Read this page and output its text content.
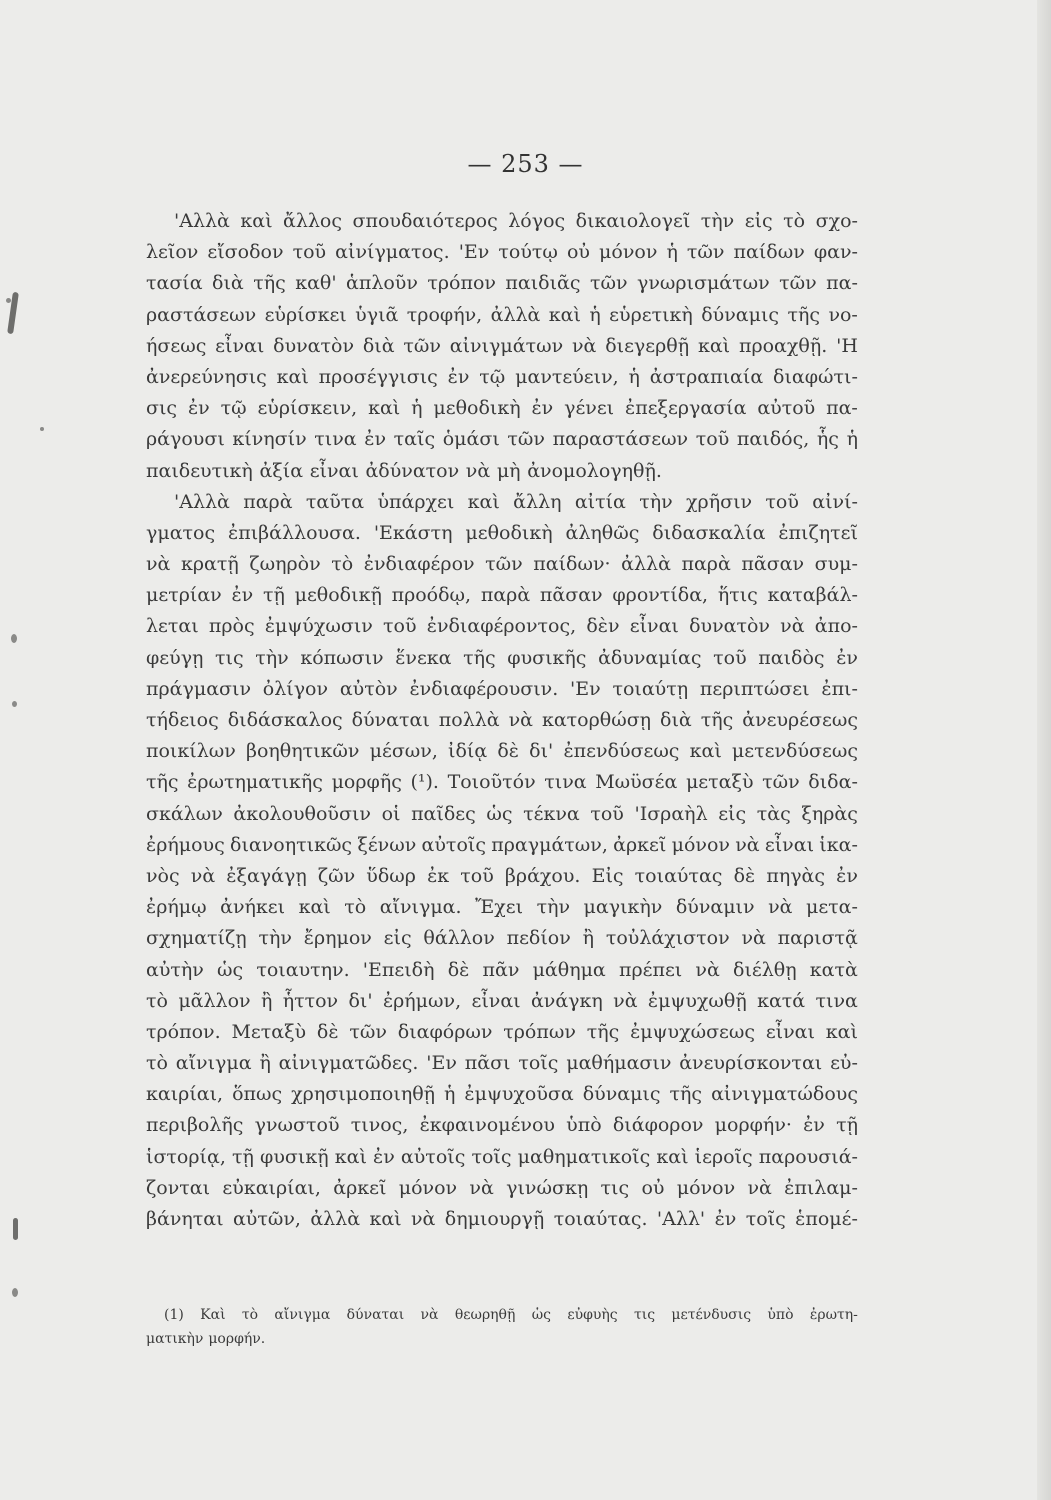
— 253 —
'Αλλὰ καὶ ἄλλος σπουδαιότερος λόγος δικαιολογεῖ τὴν εἰς τὸ σχο-
λεῖον εἴσοδον τοῦ αἰνίγματος. 'Εν τούτῳ οὐ μόνον ἡ τῶν παίδων φαν-
τασία διὰ τῆς καθ' ἁπλοῦν τρόπον παιδιᾶς τῶν γνωρισμάτων τῶν πα-
ραστάσεων εὑρίσκει ὑγιᾶ τροφήν, ἀλλὰ καὶ ἡ εὑρετικὴ δύναμις τῆς νο-
ήσεως εἶναι δυνατὸν διὰ τῶν αἰνιγμάτων νὰ διεγερθῇ καὶ προαχθῇ. 'Η
ἀνερεύνησις καὶ προσέγγισις ἐν τῷ μαντεύειν, ἡ ἀστραπιαία διαφώτι-
σις ἐν τῷ εὑρίσκειν, καὶ ἡ μεθοδικὴ ἐν γένει ἐπεξεργασία αὐτοῦ πα-
ράγουσι κίνησίν τινα ἐν ταῖς ὁμάσι τῶν παραστάσεων τοῦ παιδός, ἧς ἡ
παιδευτικὴ ἀξία εἶναι ἀδύνατον νὰ μὴ ἀνομολογηθῇ.
'Αλλὰ παρὰ ταῦτα ὑπάρχει καὶ ἄλλη αἰτία τὴν χρῆσιν τοῦ αἰνί-
γματος ἐπιβάλλουσα. 'Εκάστη μεθοδικὴ ἀληθῶς διδασκαλία ἐπιζητεῖ
νὰ κρατῇ ζωηρὸν τὸ ἐνδιαφέρον τῶν παίδων· ἀλλὰ παρὰ πᾶσαν συμ-
μετρίαν ἐν τῇ μεθοδικῇ προόδῳ, παρὰ πᾶσαν φροντίδα, ἥτις καταβάλ-
λεται πρὸς ἐμψύχωσιν τοῦ ἐνδιαφέροντος, δὲν εἶναι δυνατὸν νὰ ἀπο-
φεύγῃ τις τὴν κόπωσιν ἕνεκα τῆς φυσικῆς ἀδυναμίας τοῦ παιδὸς ἐν
πράγμασιν ὀλίγον αὐτὸν ἐνδιαφέρουσιν. 'Εν τοιαύτῃ περιπτώσει ἐπι-
τήδειος διδάσκαλος δύναται πολλὰ νὰ κατορθώσῃ διὰ τῆς ἀνευρέσεως
ποικίλων βοηθητικῶν μέσων, ἰδίᾳ δὲ δι' ἐπενδύσεως καὶ μετενδύσεως
τῆς ἐρωτηματικῆς μορφῆς (¹). Τοιοῦτόν τινα Μωϋσέα μεταξὺ τῶν διδα-
σκάλων ἀκολουθοῦσιν οἱ παῖδες ὡς τέκνα τοῦ 'Ισραὴλ εἰς τὰς ξηρὰς
ἐρήμους διανοητικῶς ξένων αὐτοῖς πραγμάτων, ἀρκεῖ μόνον νὰ εἶναι ἱκα-
νὸς νὰ ἐξαγάγῃ ζῶν ὕδωρ ἐκ τοῦ βράχου. Εἰς τοιαύτας δὲ πηγὰς ἐν
ἐρήμῳ ἀνήκει καὶ τὸ αἴνιγμα. Ἔχει τὴν μαγικὴν δύναμιν νὰ μετα-
σχηματίζῃ τὴν ἔρημον εἰς θάλλον πεδίον ἢ τοὐλάχιστον νὰ παριστᾷ
αὐτὴν ὡς τοιαυτην. 'Επειδὴ δὲ πᾶν μάθημα πρέπει νὰ διέλθῃ κατὰ
τὸ μᾶλλον ἢ ἧττον δι' ἐρήμων, εἶναι ἀνάγκη νὰ ἐμψυχωθῇ κατά τινα
τρόπον. Μεταξὺ δὲ τῶν διαφόρων τρόπων τῆς ἐμψυχώσεως εἶναι καὶ
τὸ αἴνιγμα ἢ αἰνιγματῶδες. 'Εν πᾶσι τοῖς μαθήμασιν ἀνευρίσκονται εὐ-
καιρίαι, ὅπως χρησιμοποιηθῇ ἡ ἐμψυχοῦσα δύναμις τῆς αἰνιγματώδους
περιβολῆς γνωστοῦ τινος, ἐκφαινομένου ὑπὸ διάφορον μορφήν· ἐν τῇ
ἱστορίᾳ, τῇ φυσικῇ καὶ ἐν αὐτοῖς τοῖς μαθηματικοῖς καὶ ἱεροῖς παρουσιά-
ζονται εὐκαιρίαι, ἀρκεῖ μόνον νὰ γινώσκῃ τις οὐ μόνον νὰ ἐπιλαμ-
βάνηται αὐτῶν, ἀλλὰ καὶ νὰ δημιουργῇ τοιαύτας. 'Αλλ' ἐν τοῖς ἑπομέ-
(1) Καὶ τὸ αἴνιγμα δύναται νὰ θεωρηθῇ ὡς εὐφυὴς τις μετένδυσις ὑπὸ ἐρωτη-
ματικὴν μορφήν.
